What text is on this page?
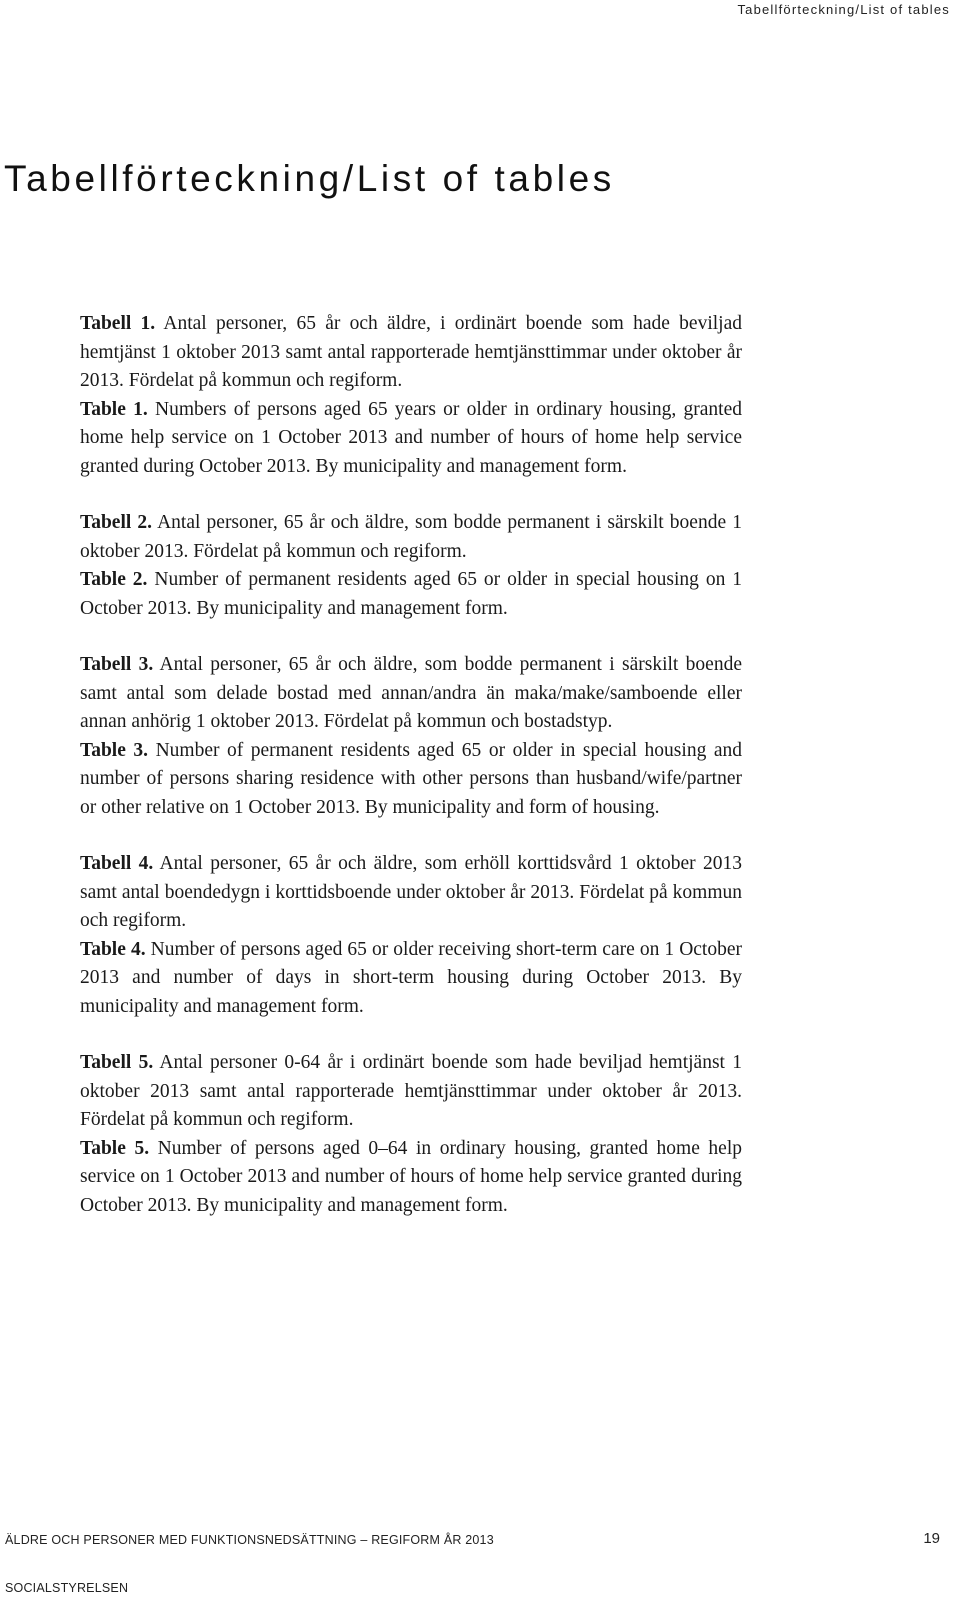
Tabellförteckning/List of tables
Tabellförteckning/List of tables

Tabell 1. Antal personer, 65 år och äldre, i ordinärt boende som hade beviljad hemtjänst 1 oktober 2013 samt antal rapporterade hemtjänsttimmar under oktober år 2013. Fördelat på kommun och regiform.

Table 1. Numbers of persons aged 65 years or older in ordinary housing, granted home help service on 1 October 2013 and number of hours of home help service granted during October 2013. By municipality and management form.

Tabell 2. Antal personer, 65 år och äldre, som bodde permanent i särskilt boende 1 oktober 2013. Fördelat på kommun och regiform.

Table 2. Number of permanent residents aged 65 or older in special housing on 1 October 2013. By municipality and management form.

Tabell 3. Antal personer, 65 år och äldre, som bodde permanent i särskilt boende samt antal som delade bostad med annan/andra än maka/make/samboende eller annan anhörig 1 oktober 2013. Fördelat på kommun och bostadstyp.

Table 3. Number of permanent residents aged 65 or older in special housing and number of persons sharing residence with other persons than husband/wife/partner or other relative on 1 October 2013. By municipality and form of housing.

Tabell 4. Antal personer, 65 år och äldre, som erhöll korttidsvård 1 oktober 2013 samt antal boendedygn i korttidsboende under oktober år 2013. Fördelat på kommun och regiform.

Table 4. Number of persons aged 65 or older receiving short-term care on 1 October 2013 and number of days in short-term housing during October 2013. By municipality and management form.

Tabell 5. Antal personer 0-64 år i ordinärt boende som hade beviljad hemtjänst 1 oktober 2013 samt antal rapporterade hemtjänsttimmar under oktober år 2013. Fördelat på kommun och regiform.

Table 5. Number of persons aged 0–64 in ordinary housing, granted home help service on 1 October 2013 and number of hours of home help service granted during October 2013. By municipality and management form.

ÄLDRE OCH PERSONER MED FUNKTIONSNEDSÄTTNING – REGIFORM ÅR 2013	19
SOCIALSTYRELSEN
